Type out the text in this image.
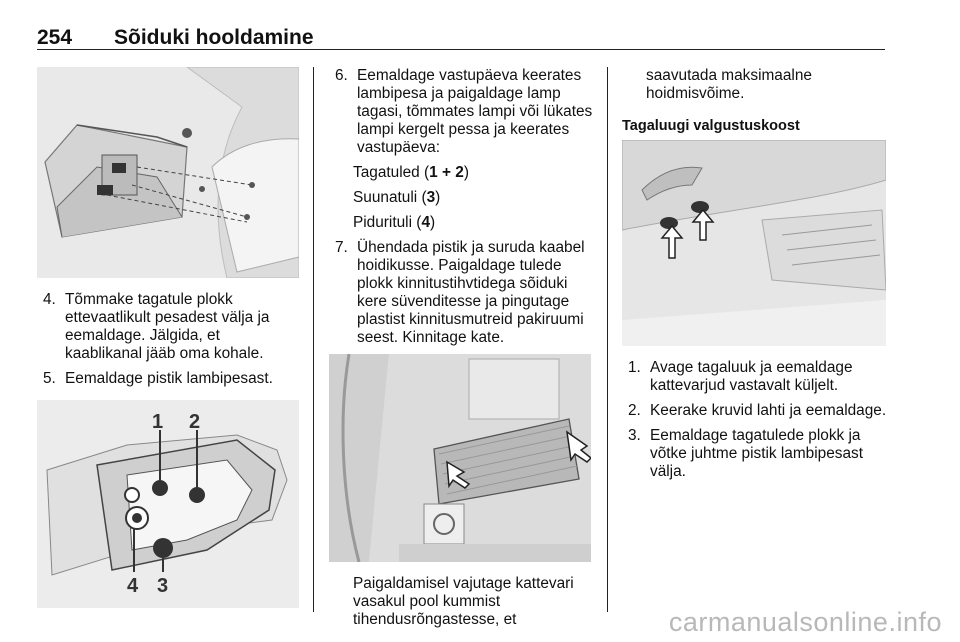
254 Sõiduki hooldamine
4. Tõmmake tagatule plokk ettevaatlikult pesadest välja ja eemaldage. Jälgida, et kaablikanal jääb oma kohale.
5. Eemaldage pistik lambipesast.
1 2
3
4
6. Eemaldage vastupäeva keerates lambipesa ja paigaldage lamp tagasi, tõmmates lampi või lükates lampi kergelt pessa ja keerates vastupäeva:
Tagatuled (1 + 2)
Suunatuli (3)
Pidurituli (4)
7. Ühendada pistik ja suruda kaabel hoidikusse. Paigaldage tulede plokk kinnitustihvtidega sõiduki kere süvenditesse ja pingutage plastist kinnitusmutreid pakiruumi seest. Kinnitage kate.
Paigaldamisel vajutage kattevari vasakul pool kummist tihendusrõngastesse, et
saavutada maksimaalne hoidmisvõime.
Tagaluugi valgustuskoost
1. Avage tagaluuk ja eemaldage kattevarjud vastavalt küljelt.
2. Keerake kruvid lahti ja eemaldage.
3. Eemaldage tagatulede plokk ja võtke juhtme pistik lambipesast välja.
carmanualsonline.info
